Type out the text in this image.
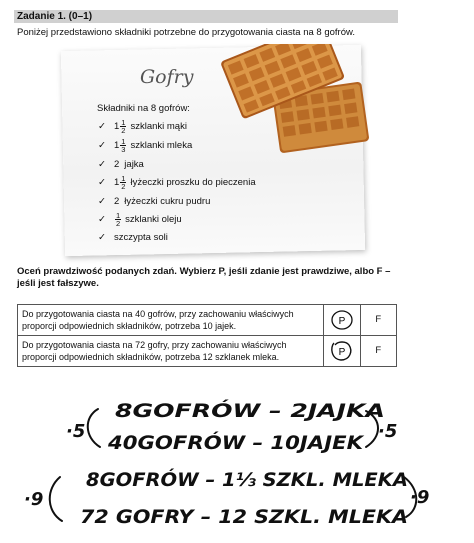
Zadanie 1. (0–1)
Poniżej przedstawiono składniki potrzebne do przygotowania ciasta na 8 gofrów.
Gofry
Składniki na 8 gofrów:
✓ $1 \frac{1}{2}$ szklanki mąki
✓ $1 \frac{1}{3}$ szklanki mleka
✓ 2 jajka
✓ $1 \frac{1}{2}$ łyżeczki proszku do pieczenia
✓ 2 łyżeczki cukru pudru
✓	$\frac{1}{2}$ szklanki oleju
✓ szczypta soli
Oceń prawdziwość podanych zdań. Wybierz P, jeśli zdanie jest prawdziwe, albo F – jeśli jest fałszywe.
Do przygotowania ciasta na 40 gofrów, przy zachowaniu właściwych proporcji odpowiednich składników, potrzeba 10 jajek.	P	F
Do przygotowania ciasta na 72 gofry, przy zachowaniu właściwych proporcji odpowiednich składników, potrzeba 12 szklanek mleka.	P	F
8GOFRÓW – 2JAJKA
40GOFRÓW – 10JAJEK
·5	·5
8GOFRÓW – 1⅓ SZKL. MLEKA
72 GOFRY – 12 SZKL. MLEKA
·9	·9
